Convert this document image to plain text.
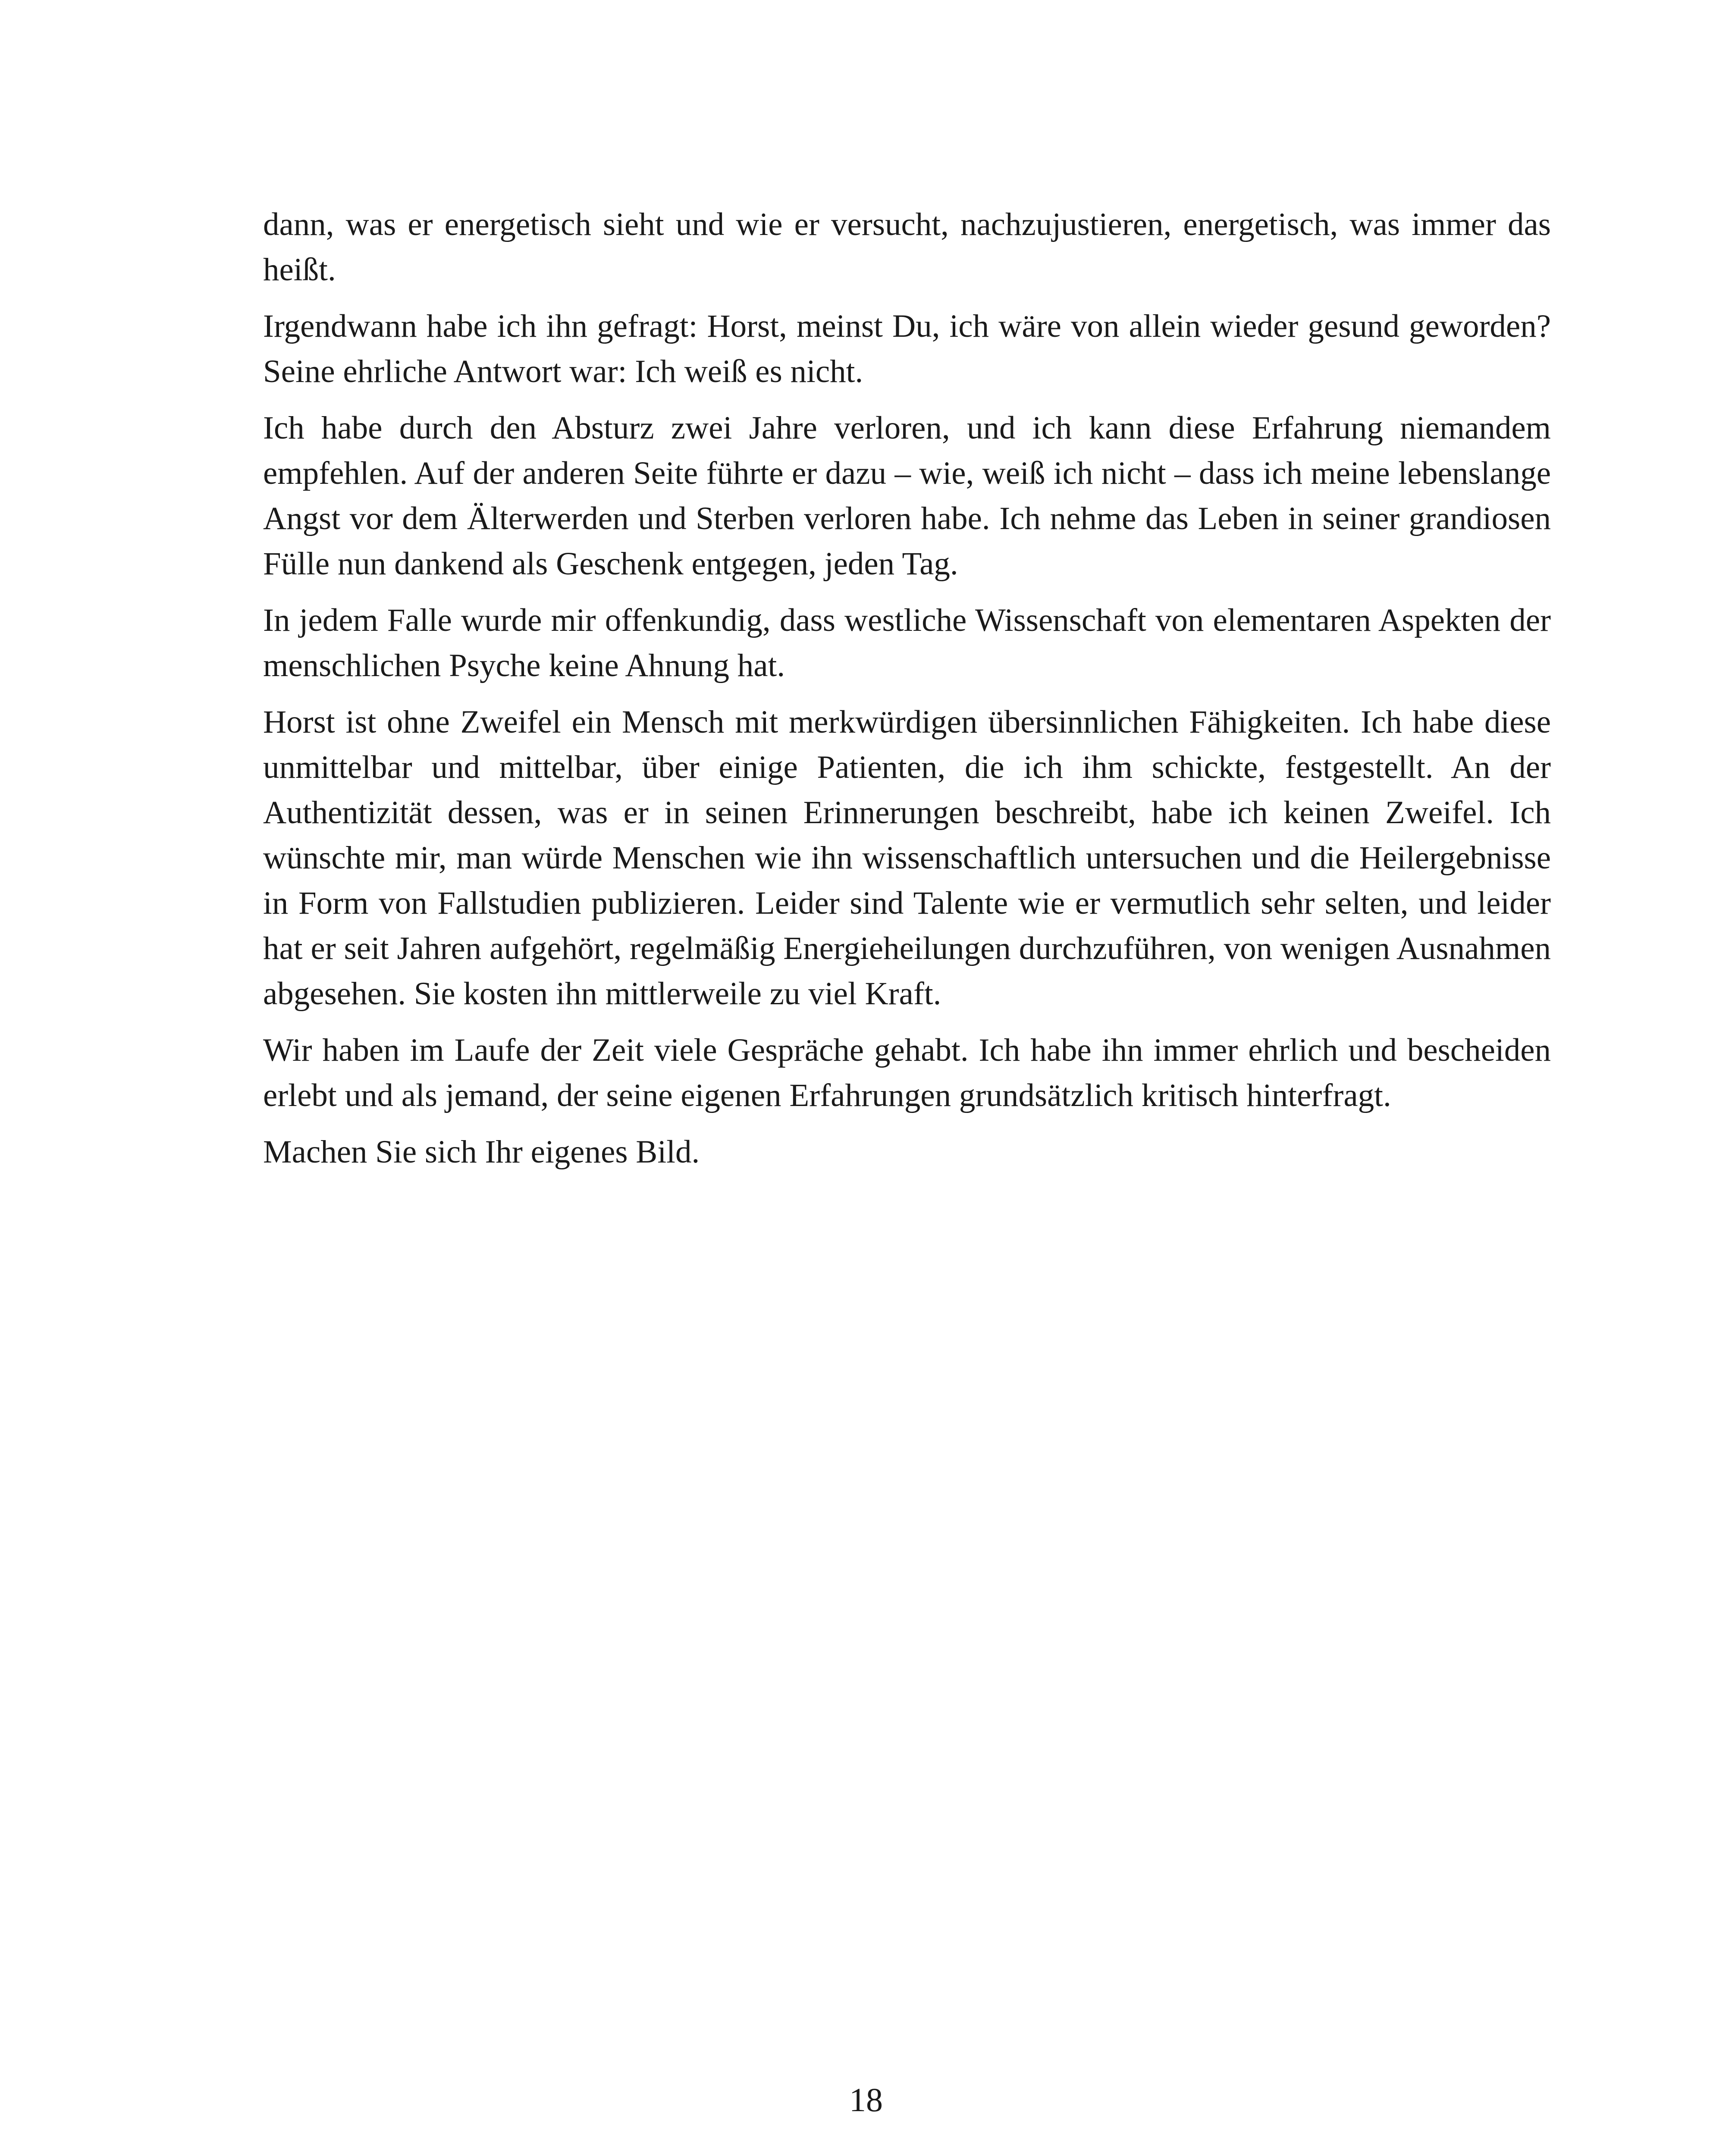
dann, was er energetisch sieht und wie er versucht, nachzujustieren, energetisch, was immer das heißt.

Irgendwann habe ich ihn gefragt: Horst, meinst Du, ich wäre von allein wieder gesund geworden? Seine ehrliche Antwort war: Ich weiß es nicht.

Ich habe durch den Absturz zwei Jahre verloren, und ich kann diese Erfahrung niemandem empfehlen. Auf der anderen Seite führte er dazu – wie, weiß ich nicht – dass ich meine lebenslange Angst vor dem Älterwerden und Sterben verloren habe. Ich nehme das Leben in seiner grandiosen Fülle nun dankend als Geschenk entgegen, jeden Tag.

In jedem Falle wurde mir offenkundig, dass westliche Wissenschaft von elementaren Aspekten der menschlichen Psyche keine Ahnung hat.

Horst ist ohne Zweifel ein Mensch mit merkwürdigen übersinnlichen Fähigkeiten. Ich habe diese unmittelbar und mittelbar, über einige Patienten, die ich ihm schickte, festgestellt. An der Authentizität dessen, was er in seinen Erinnerungen beschreibt, habe ich keinen Zweifel. Ich wünschte mir, man würde Menschen wie ihn wissenschaftlich untersuchen und die Heilergebnisse in Form von Fallstudien publizieren. Leider sind Talente wie er vermutlich sehr selten, und leider hat er seit Jahren aufgehört, regelmäßig Energieheilungen durchzuführen, von wenigen Ausnahmen abgesehen. Sie kosten ihn mittlerweile zu viel Kraft.

Wir haben im Laufe der Zeit viele Gespräche gehabt. Ich habe ihn immer ehrlich und bescheiden erlebt und als jemand, der seine eigenen Erfahrungen grundsätzlich kritisch hinterfragt.

Machen Sie sich Ihr eigenes Bild.

18
